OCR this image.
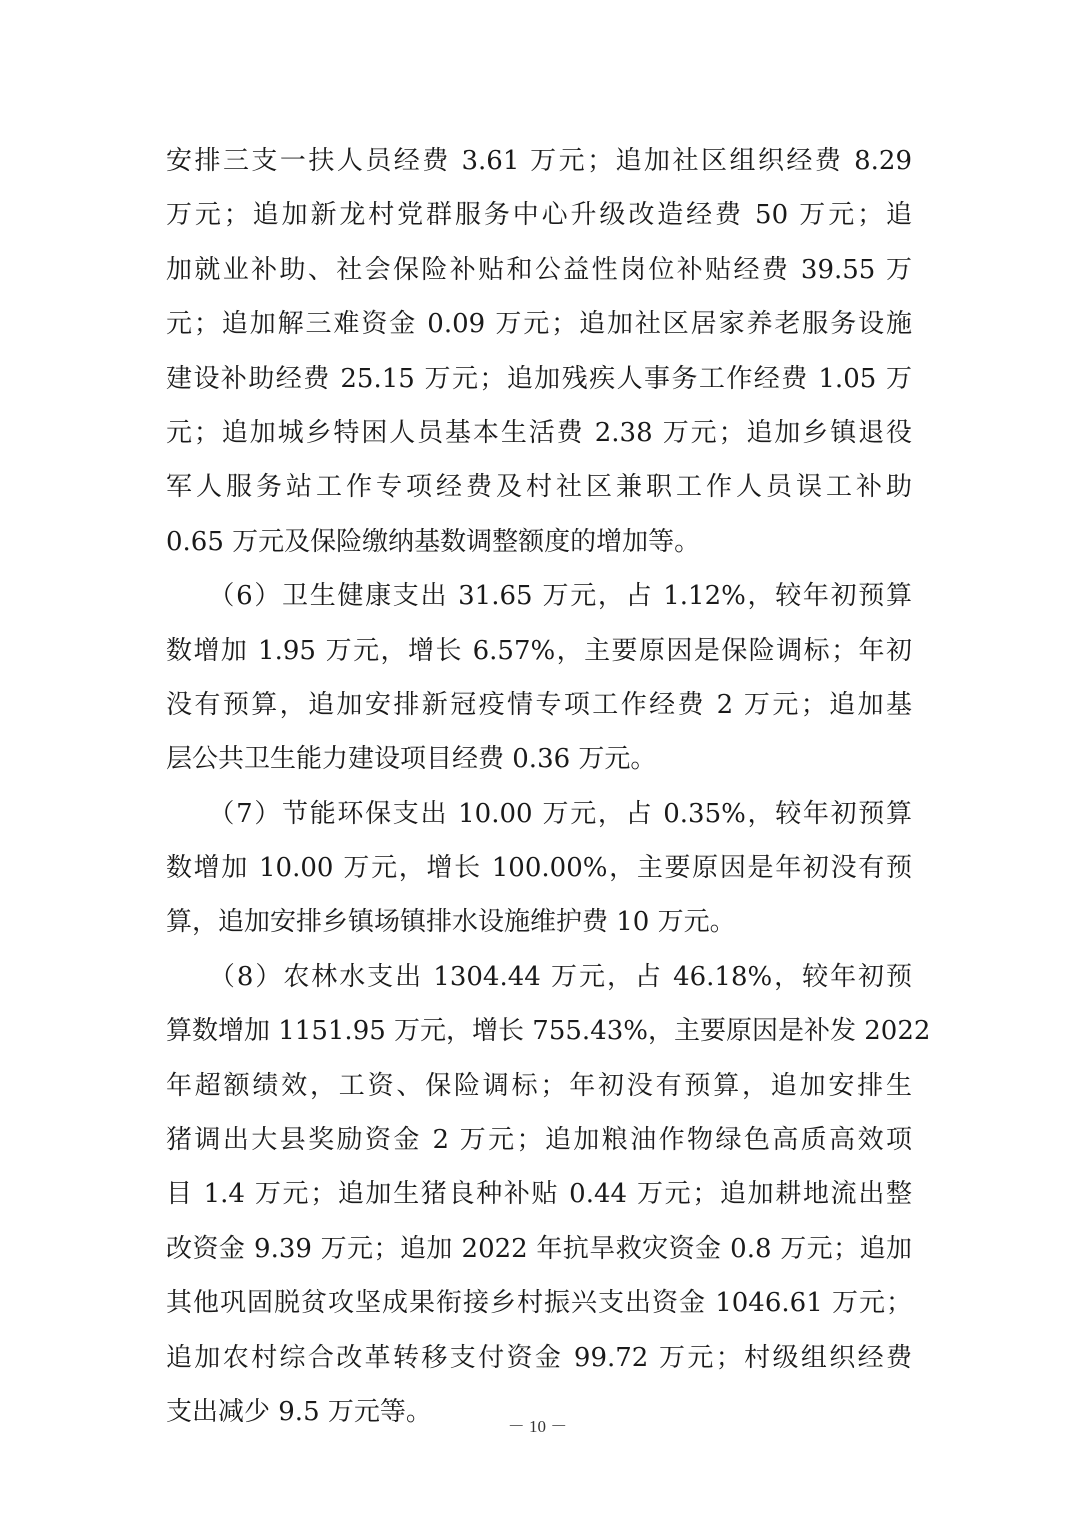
安排三支一扶人员经费 3.61 万元；追加社区组织经费 8.29
万元；追加新龙村党群服务中心升级改造经费 50 万元；追
加就业补助、社会保险补贴和公益性岗位补贴经费 39.55 万
元；追加解三难资金 0.09 万元；追加社区居家养老服务设施
建设补助经费 25.15 万元；追加残疾人事务工作经费 1.05 万
元；追加城乡特困人员基本生活费 2.38 万元；追加乡镇退役
军人服务站工作专项经费及村社区兼职工作人员误工补助
0.65 万元及保险缴纳基数调整额度的增加等。
　　（6）卫生健康支出 31.65 万元，占 1.12%，较年初预算
数增加 1.95 万元，增长 6.57%，主要原因是保险调标；年初
没有预算，追加安排新冠疫情专项工作经费 2 万元；追加基
层公共卫生能力建设项目经费 0.36 万元。
　　（7）节能环保支出 10.00 万元，占 0.35%，较年初预算
数增加 10.00 万元，增长 100.00%，主要原因是年初没有预
算，追加安排乡镇场镇排水设施维护费 10 万元。
　　（8）农林水支出 1304.44 万元，占 46.18%，较年初预
算数增加 1151.95 万元，增长 755.43%，主要原因是补发 2022
年超额绩效，工资、保险调标；年初没有预算，追加安排生
猪调出大县奖励资金 2 万元；追加粮油作物绿色高质高效项
目 1.4 万元；追加生猪良种补贴 0.44 万元；追加耕地流出整
改资金 9.39 万元；追加 2022 年抗旱救灾资金 0.8 万元；追加
其他巩固脱贫攻坚成果衔接乡村振兴支出资金 1046.61 万元；
追加农村综合改革转移支付资金 99.72 万元；村级组织经费
支出减少 9.5 万元等。	－ 10 －
